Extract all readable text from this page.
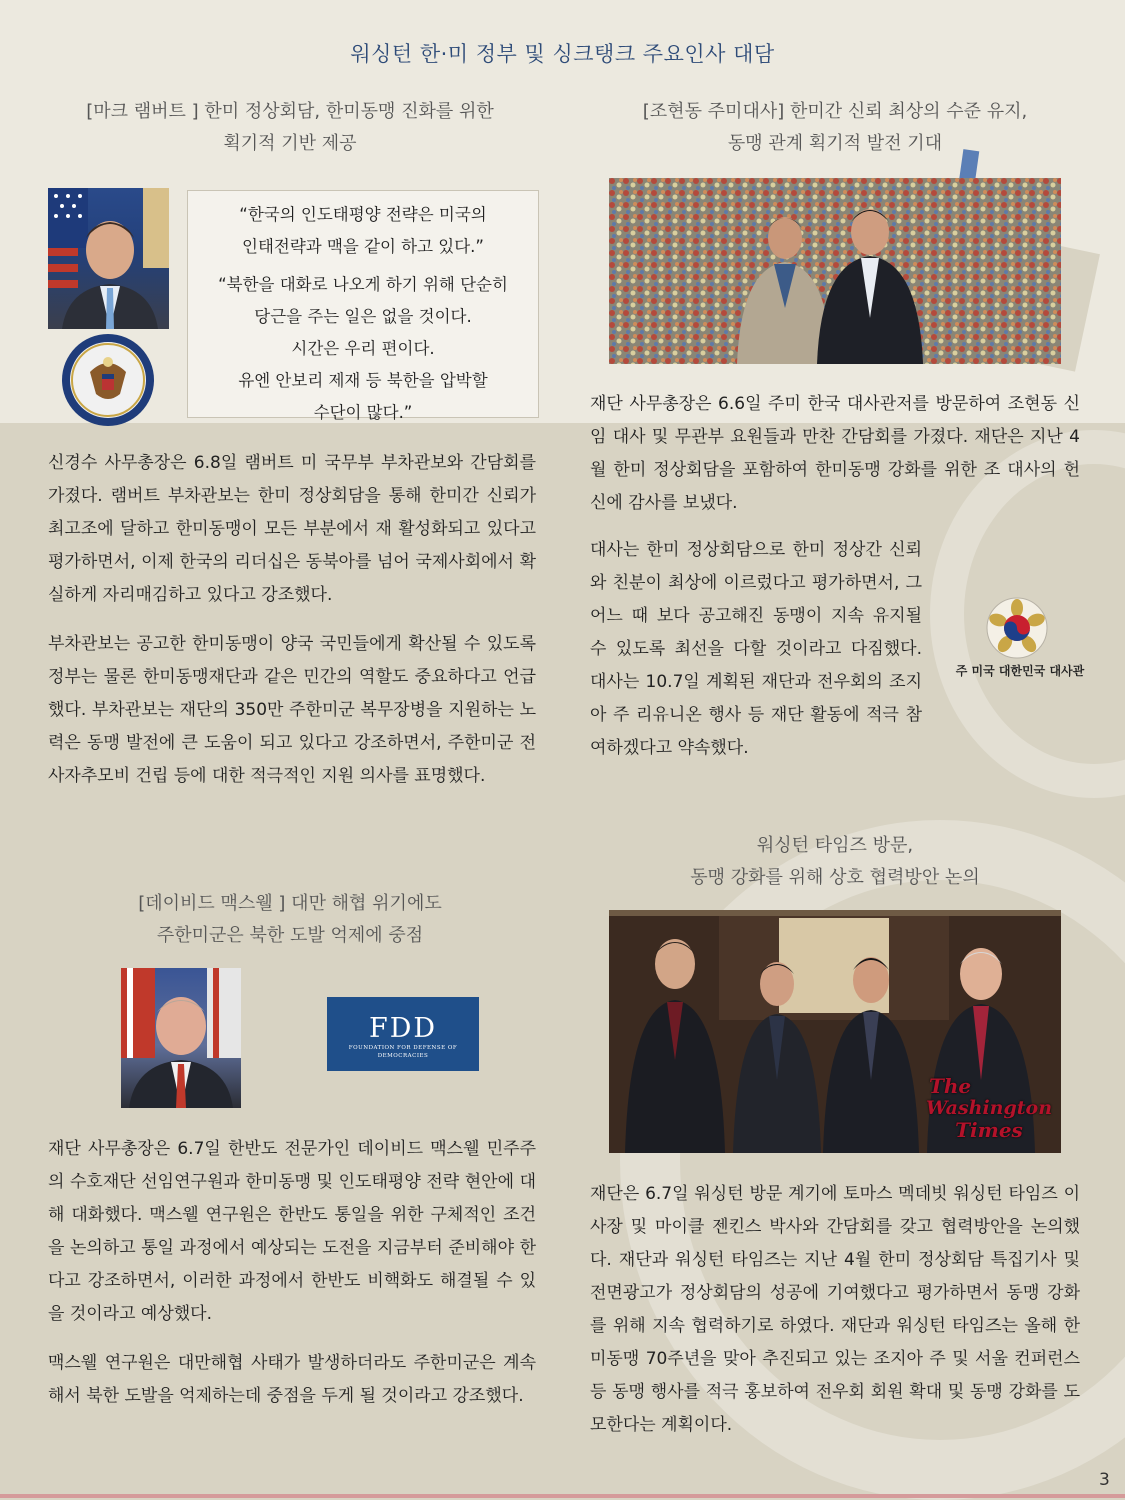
워싱턴 한·미 정부 및 싱크탱크 주요인사 대담
[마크 램버트 ] 한미 정상회담, 한미동맹 진화를 위한
획기적 기반 제공

“한국의 인도태평양 전략은 미국의

인태전략과 맥을 같이 하고 있다.”

“북한을 대화로 나오게 하기 위해 단순히

당근을 주는 일은 없을 것이다.

시간은 우리 편이다.

유엔 안보리 제재 등 북한을 압박할

수단이 많다.”

신경수 사무총장은 6.8일 램버트 미 국무부 부차관보와 간담회를 가졌다. 램버트 부차관보는 한미 정상회담을 통해 한미간 신뢰가 최고조에 달하고 한미동맹이 모든 부분에서 재 활성화되고 있다고 평가하면서, 이제 한국의 리더십은 동북아를 넘어 국제사회에서 확실하게 자리매김하고 있다고 강조했다.
부차관보는 공고한 한미동맹이 양국 국민들에게 확산될 수 있도록 정부는 물론 한미동맹재단과 같은 민간의 역할도 중요하다고 언급했다. 부차관보는 재단의 350만 주한미군 복무장병을 지원하는 노력은 동맹 발전에 큰 도움이 되고 있다고 강조하면서, 주한미군 전사자추모비 건립 등에 대한 적극적인 지원 의사를 표명했다.
[데이비드 맥스웰 ] 대만 해협 위기에도
주한미군은 북한 도발 억제에 중점
FDD
FOUNDATION FOR DEFENSE OF DEMOCRACIES
재단 사무총장은 6.7일 한반도 전문가인 데이비드 맥스웰 민주주의 수호재단 선임연구원과 한미동맹 및 인도태평양 전략 현안에 대해 대화했다. 맥스웰 연구원은 한반도 통일을 위한 구체적인 조건을 논의하고 통일 과정에서 예상되는 도전을 지금부터 준비해야 한다고 강조하면서, 이러한 과정에서 한반도 비핵화도 해결될 수 있을 것이라고 예상했다.
맥스웰 연구원은 대만해협 사태가 발생하더라도 주한미군은 계속해서 북한 도발을 억제하는데 중점을 두게 될 것이라고 강조했다.
[조현동 주미대사] 한미간 신뢰 최상의 수준 유지,
동맹 관계 획기적 발전 기대
재단 사무총장은 6.6일 주미 한국 대사관저를 방문하여 조현동 신임 대사 및 무관부 요원들과 만찬 간담회를 가졌다. 재단은 지난 4월 한미 정상회담을 포함하여 한미동맹 강화를 위한 조 대사의 헌신에 감사를 보냈다.
대사는 한미 정상회담으로 한미 정상간 신뢰와 친분이 최상에 이르렀다고 평가하면서, 그 어느 때 보다 공고해진 동맹이 지속 유지될 수 있도록 최선을 다할 것이라고 다짐했다. 대사는 10.7일 계획된 재단과 전우회의 조지아 주 리유니온 행사 등 재단 활동에 적극 참여하겠다고 약속했다.
주 미국 대한민국 대사관
워싱턴 타임즈 방문,
동맹 강화를 위해 상호 협력방안 논의
The
Washington
Times
재단은 6.7일 워싱턴 방문 계기에 토마스 멕데빗 워싱턴 타임즈 이사장 및 마이클 젠킨스 박사와 간담회를 갖고 협력방안을 논의했다. 재단과 워싱턴 타임즈는 지난 4월 한미 정상회담 특집기사 및 전면광고가 정상회담의 성공에 기여했다고 평가하면서 동맹 강화를 위해 지속 협력하기로 하였다. 재단과 워싱턴 타임즈는 올해 한미동맹 70주년을 맞아 추진되고 있는 조지아 주 및 서울 컨퍼런스 등 동맹 행사를 적극 홍보하여 전우회 회원 확대 및 동맹 강화를 도모한다는 계획이다.
3
